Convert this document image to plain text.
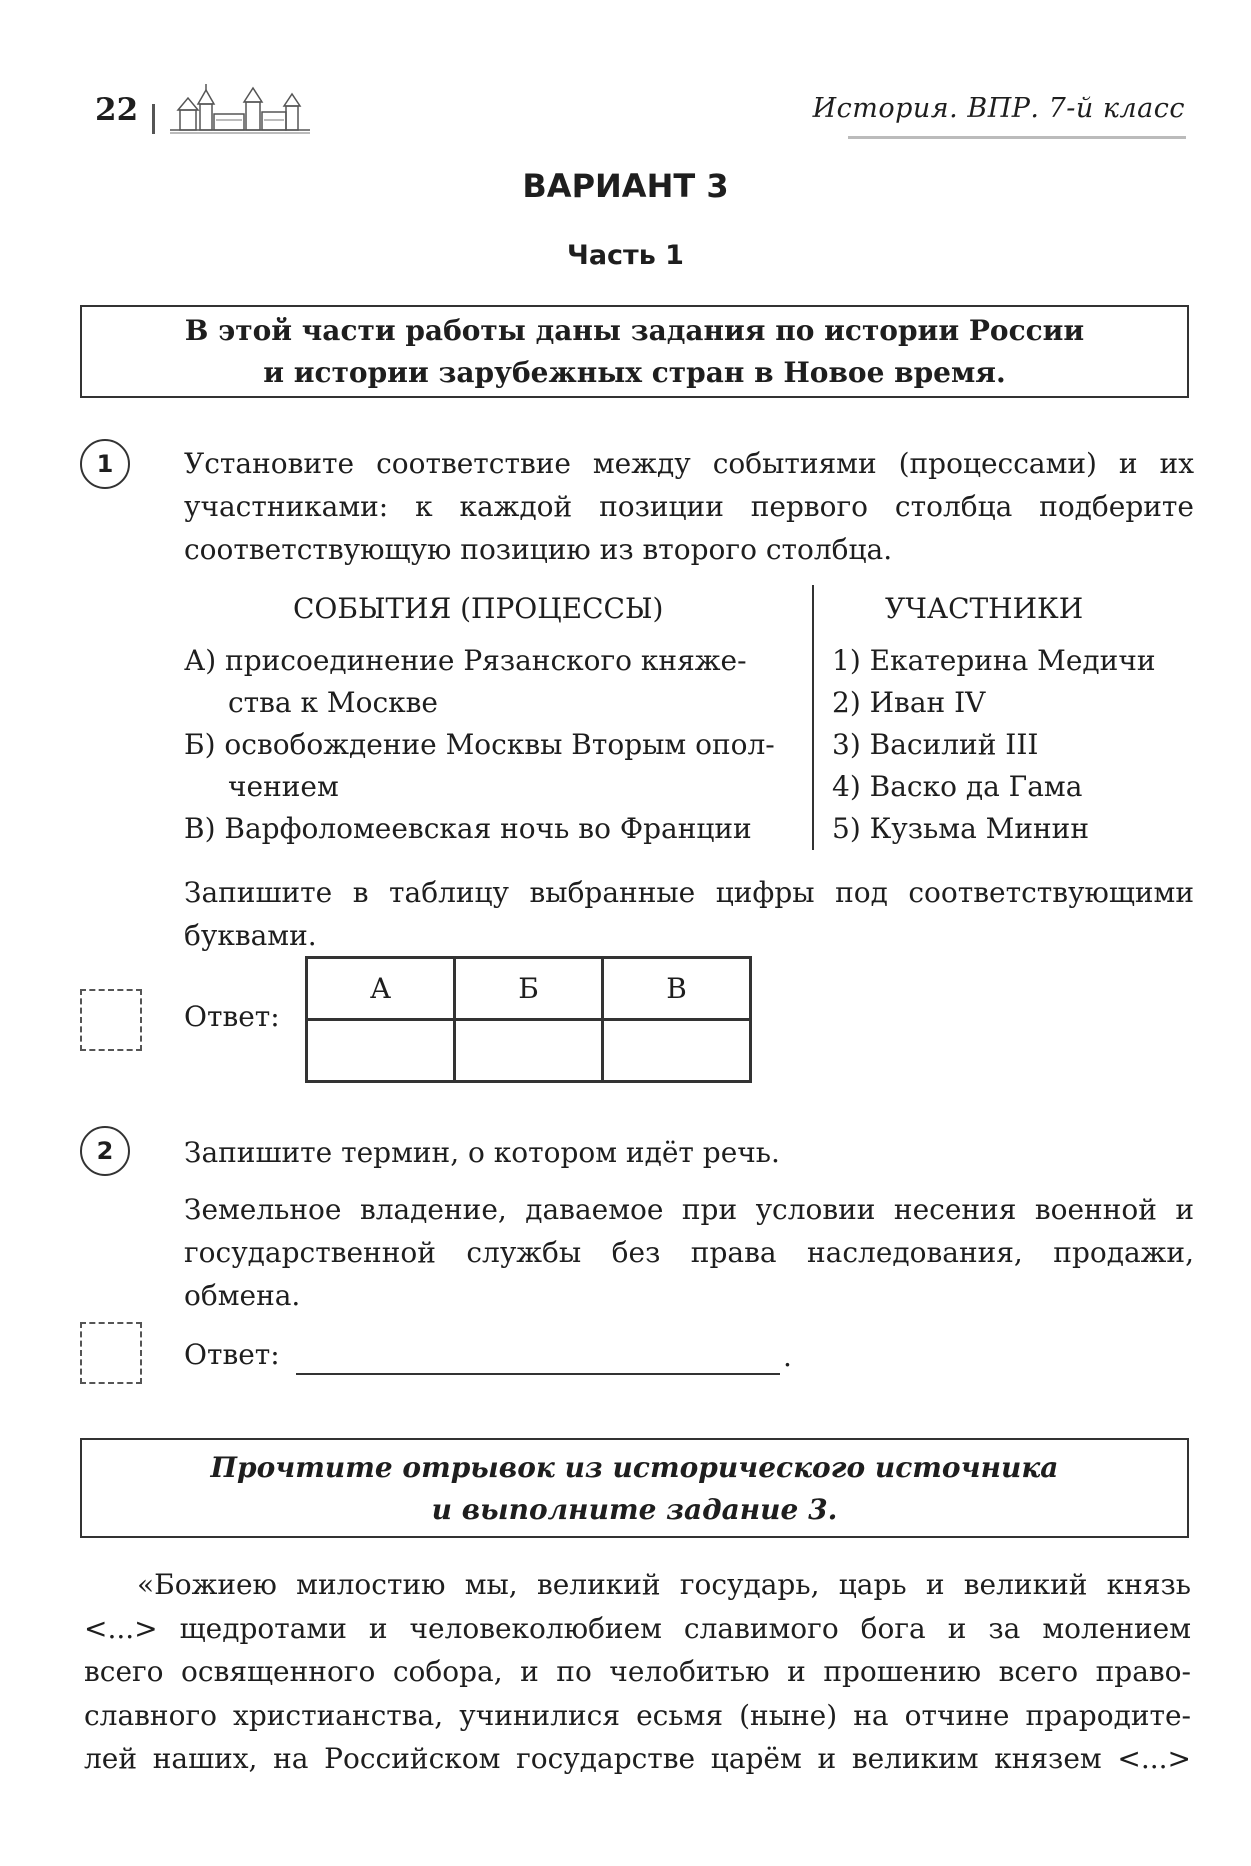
22	История. ВПР. 7-й класс
ВАРИАНТ 3
Часть 1
В этой части работы даны задания по истории России
и истории зарубежных стран в Новое время.
1	Установите соответствие между событиями (процессами) и их участниками: к каждой позиции первого столбца подберите соответствующую позицию из второго столбца.
СОБЫТИЯ (ПРОЦЕССЫ)	УЧАСТНИКИ
А) присоединение Рязанского княже-
ства к Москве
Б) освобождение Москвы Вторым опол-
чением
В) Варфоломеевская ночь во Франции
1) Екатерина Медичи
2) Иван IV
3) Василий III
4) Васко да Гама
5) Кузьма Минин
Запишите в таблицу выбранные цифры под соответствующими буквами.
Ответ:
А	Б	В

2	Запишите термин, о котором идёт речь.
Земельное владение, даваемое при условии несения военной и государственной службы без права наследования, продажи, обмена.
Ответ:	.
Прочтите отрывок из исторического источника
и выполните задание 3.
«Божиею милостию мы, великий государь, царь и великий князь
<...> щедротами и человеколюбием славимого бога и за молением
всего освященного собора, и по челобитью и прошению всего право-
славного христианства, учинилися есьмя (ныне) на отчине прародите-
лей наших, на Российском государстве царём и великим князем <...>
